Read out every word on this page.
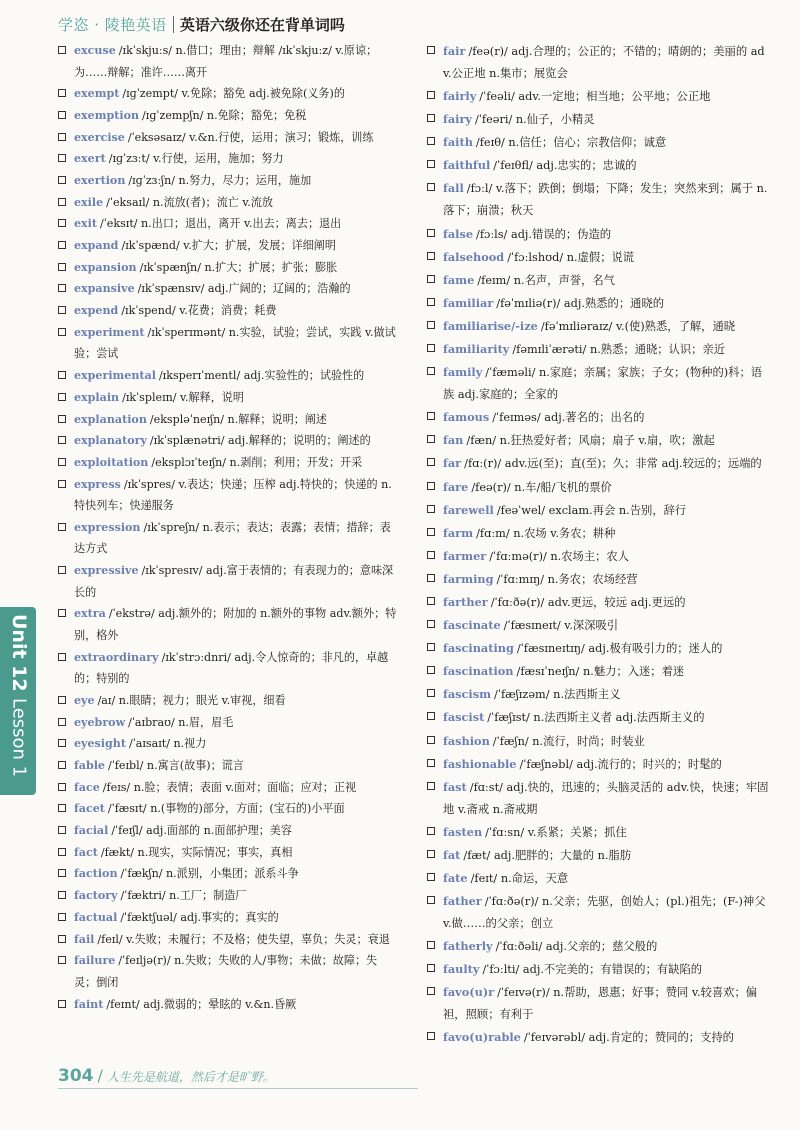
学恣 · 陵艳英语 英语六级你还在背单词吗
excuse /ɪkˈskjuːs/ n.借口；理由；辩解 /ɪkˈskjuːz/ v.原谅；为……辩解；准许……离开
exempt /ɪɡˈzempt/ v.免除；豁免 adj.被免除(义务)的
exemption /ɪɡˈzempʃn/ n.免除；豁免；免税
exercise /ˈeksəsaɪz/ v.&n.行使，运用；演习；锻炼，训练
exert /ɪɡˈzɜːt/ v.行使，运用，施加；努力
exertion /ɪɡˈzɜːʃn/ n.努力，尽力；运用，施加
exile /ˈeksaɪl/ n.流放(者)；流亡 v.流放
exit /ˈeksɪt/ n.出口；退出，离开 v.出去；离去；退出
expand /ɪkˈspænd/ v.扩大；扩展，发展；详细阐明
expansion /ɪkˈspænʃn/ n.扩大；扩展；扩张；膨胀
expansive /ɪkˈspænsɪv/ adj.广阔的；辽阔的；浩瀚的
expend /ɪkˈspend/ v.花费；消费；耗费
experiment /ɪkˈsperɪmənt/ n.实验，试验；尝试，实践 v.做试验；尝试
experimental /ɪksperɪˈmentl/ adj.实验性的；试验性的
explain /ɪkˈspleɪn/ v.解释，说明
explanation /ekspləˈneɪʃn/ n.解释；说明；阐述
explanatory /ɪkˈsplænətri/ adj.解释的；说明的；阐述的
exploitation /eksplɔɪˈteɪʃn/ n.剥削；利用；开发；开采
express /ɪkˈspres/ v.表达；快递；压榨 adj.特快的；快递的 n.特快列车；快递服务
expression /ɪkˈspreʃn/ n.表示；表达；表露；表情；措辞；表达方式
expressive /ɪkˈspresɪv/ adj.富于表情的；有表现力的；意味深长的
extra /ˈekstrə/ adj.额外的；附加的 n.额外的事物 adv.额外；特别，格外
extraordinary /ɪkˈstrɔːdnri/ adj.令人惊奇的；非凡的，卓越的；特别的
eye /aɪ/ n.眼睛；视力；眼光 v.审视，细看
eyebrow /ˈaɪbraʊ/ n.眉，眉毛
eyesight /ˈaɪsaɪt/ n.视力
fable /ˈfeɪbl/ n.寓言(故事)；谎言
face /feɪs/ n.脸；表情；表面 v.面对；面临；应对；正视
facet /ˈfæsɪt/ n.(事物的)部分，方面；(宝石的)小平面
facial /ˈfeɪʃl/ adj.面部的 n.面部护理；美容
fact /fækt/ n.现实，实际情况；事实，真相
faction /ˈfækʃn/ n.派别，小集团；派系斗争
factory /ˈfæktri/ n.工厂；制造厂
factual /ˈfæktʃuəl/ adj.事实的；真实的
fail /feɪl/ v.失败；未履行；不及格；使失望，辜负；失灵；衰退
failure /ˈfeɪljə(r)/ n.失败；失败的人/事物；未做；故障；失灵；倒闭
faint /feɪnt/ adj.微弱的；晕眩的 v.&n.昏厥
fair /feə(r)/ adj.合理的；公正的；不错的；晴朗的；美丽的 adv.公正地 n.集市；展览会
fairly /ˈfeəli/ adv.一定地；相当地；公平地；公正地
fairy /ˈfeəri/ n.仙子，小精灵
faith /feɪθ/ n.信任；信心；宗教信仰；诚意
faithful /ˈfeɪθfl/ adj.忠实的；忠诚的
fall /fɔːl/ v.落下；跌倒；倒塌；下降；发生；突然来到；属于 n.落下；崩溃；秋天
false /fɔːls/ adj.错误的；伪造的
falsehood /ˈfɔːlshʊd/ n.虚假；说谎
fame /feɪm/ n.名声，声誉，名气
familiar /fəˈmɪliə(r)/ adj.熟悉的；通晓的
familiarise/-ize /fəˈmɪliəraɪz/ v.(使)熟悉，了解，通晓
familiarity /fəmɪliˈærəti/ n.熟悉；通晓；认识；亲近
family /ˈfæməli/ n.家庭；亲属；家族；子女；(物种的)科；语族 adj.家庭的；全家的
famous /ˈfeɪməs/ adj.著名的；出名的
fan /fæn/ n.狂热爱好者；风扇；扇子 v.扇，吹；激起
far /fɑː(r)/ adv.远(至)；直(至)；久；非常 adj.较远的；远端的
fare /feə(r)/ n.车/船/飞机的票价
farewell /feəˈwel/ exclam.再会 n.告别，辞行
farm /fɑːm/ n.农场 v.务农；耕种
farmer /ˈfɑːmə(r)/ n.农场主；农人
farming /ˈfɑːmɪŋ/ n.务农；农场经营
farther /ˈfɑːðə(r)/ adv.更远，较远 adj.更远的
fascinate /ˈfæsɪneɪt/ v.深深吸引
fascinating /ˈfæsɪneɪtɪŋ/ adj.极有吸引力的；迷人的
fascination /fæsɪˈneɪʃn/ n.魅力；入迷；着迷
fascism /ˈfæʃɪzəm/ n.法西斯主义
fascist /ˈfæʃɪst/ n.法西斯主义者 adj.法西斯主义的
fashion /ˈfæʃn/ n.流行，时尚；时装业
fashionable /ˈfæʃnəbl/ adj.流行的；时兴的；时髦的
fast /fɑːst/ adj.快的，迅速的；头脑灵活的 adv.快，快速；牢固地 v.斋戒 n.斋戒期
fasten /ˈfɑːsn/ v.系紧；关紧；抓住
fat /fæt/ adj.肥胖的；大量的 n.脂肪
fate /feɪt/ n.命运，天意
father /ˈfɑːðə(r)/ n.父亲；先驱，创始人；(pl.)祖先；(F-)神父 v.做……的父亲；创立
fatherly /ˈfɑːðəli/ adj.父亲的；慈父般的
faulty /ˈfɔːlti/ adj.不完美的；有错误的；有缺陷的
favo(u)r /ˈfeɪvə(r)/ n.帮助，恩惠；好事；赞同 v.较喜欢；偏袒，照顾；有利于
favo(u)rable /ˈfeɪvərəbl/ adj.肯定的；赞同的；支持的
Unit 12
Lesson 1
304 / 人生先是航道，然后才是旷野。
